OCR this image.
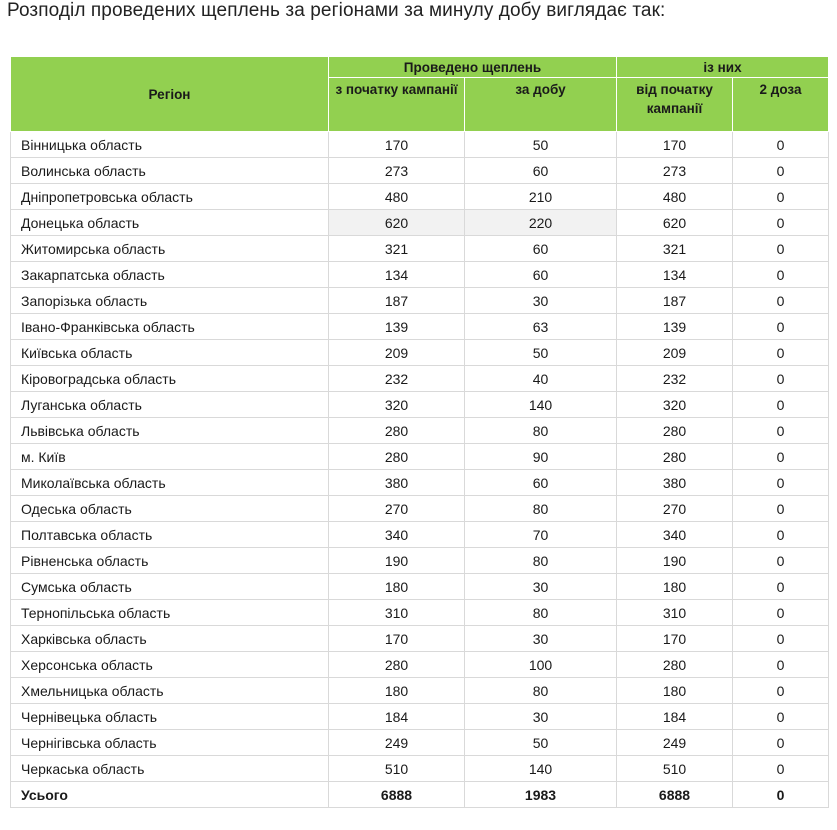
Розподіл проведених щеплень за регіонами за минулу добу виглядає так:
Регіон	Проведено щеплень		із них	
	з початку кампанії	за добу	від початку кампанії	2 доза
Вінницька область	170	50	170	0
Волинська область	273	60	273	0
Дніпропетровська область	480	210	480	0
Донецька область	620	220	620	0
Житомирська область	321	60	321	0
Закарпатська область	134	60	134	0
Запорізька область	187	30	187	0
Івано-Франківська область	139	63	139	0
Київська область	209	50	209	0
Кіровоградська область	232	40	232	0
Луганська область	320	140	320	0
Львівська область	280	80	280	0
м. Київ	280	90	280	0
Миколаївська область	380	60	380	0
Одеська область	270	80	270	0
Полтавська область	340	70	340	0
Рівненська область	190	80	190	0
Сумська область	180	30	180	0
Тернопільська область	310	80	310	0
Харківська область	170	30	170	0
Херсонська область	280	100	280	0
Хмельницька область	180	80	180	0
Чернівецька область	184	30	184	0
Чернігівська область	249	50	249	0
Черкаська область	510	140	510	0
Усього	6888	1983	6888	0
